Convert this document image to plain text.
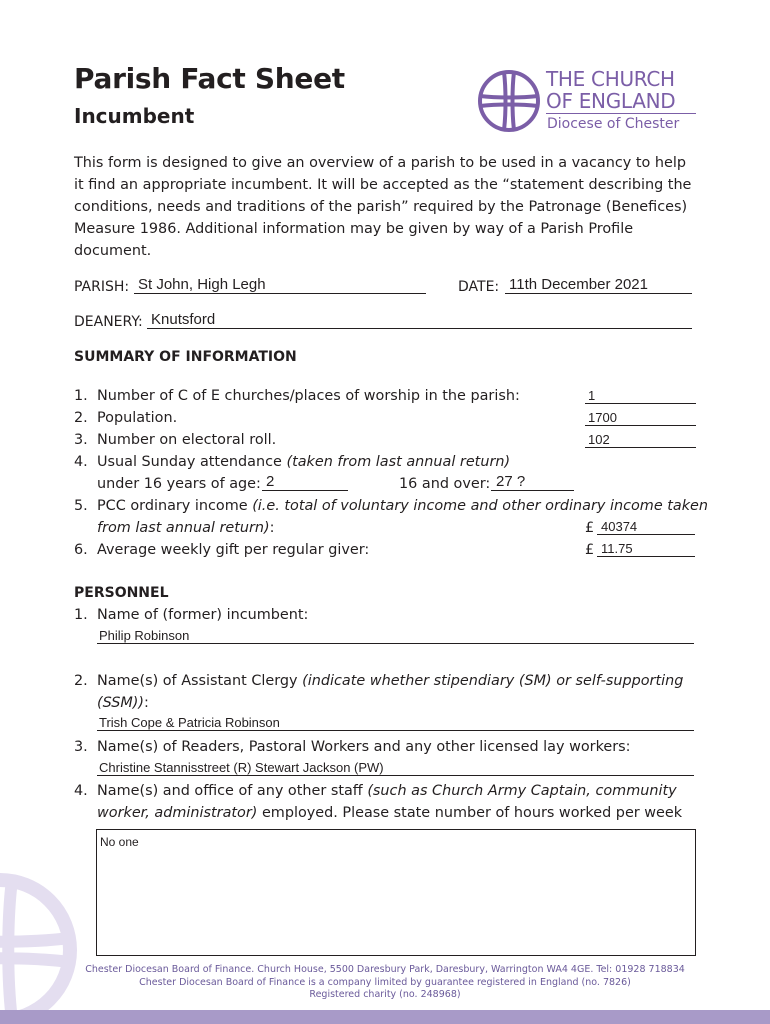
Parish Fact Sheet
Incumbent
THE CHURCH
OF ENGLAND
Diocese of Chester
This form is designed to give an overview of a parish to be used in a vacancy to help it find an appropriate incumbent. It will be accepted as the “statement describing the conditions, needs and traditions of the parish” required by the Patronage (Benefices) Measure 1986. Additional information may be given by way of a Parish Profile document.
PARISH: St John, High Legh	DATE: 11th December 2021
DEANERY: Knutsford
SUMMARY OF INFORMATION
1. Number of C of E churches/places of worship in the parish:	1
2. Population.	1700
3. Number on electoral roll.	102
4. Usual Sunday attendance (taken from last annual return)
under 16 years of age: 2	16 and over: 27 ?
5. PCC ordinary income (i.e. total of voluntary income and other ordinary income taken
from last annual return):	£ 40374
6. Average weekly gift per regular giver:	£ 11.75
PERSONNEL
1. Name of (former) incumbent:
Philip Robinson
2. Name(s) of Assistant Clergy (indicate whether stipendiary (SM) or self-supporting
(SSM)):
Trish Cope & Patricia Robinson
3. Name(s) of Readers, Pastoral Workers and any other licensed lay workers:
Christine Stannisstreet (R) Stewart Jackson (PW)
4. Name(s) and office of any other staff (such as Church Army Captain, community
worker, administrator) employed. Please state number of hours worked per week
No one
Chester Diocesan Board of Finance. Church House, 5500 Daresbury Park, Daresbury, Warrington WA4 4GE. Tel: 01928 718834
Chester Diocesan Board of Finance is a company limited by guarantee registered in England (no. 7826)
Registered charity (no. 248968)
